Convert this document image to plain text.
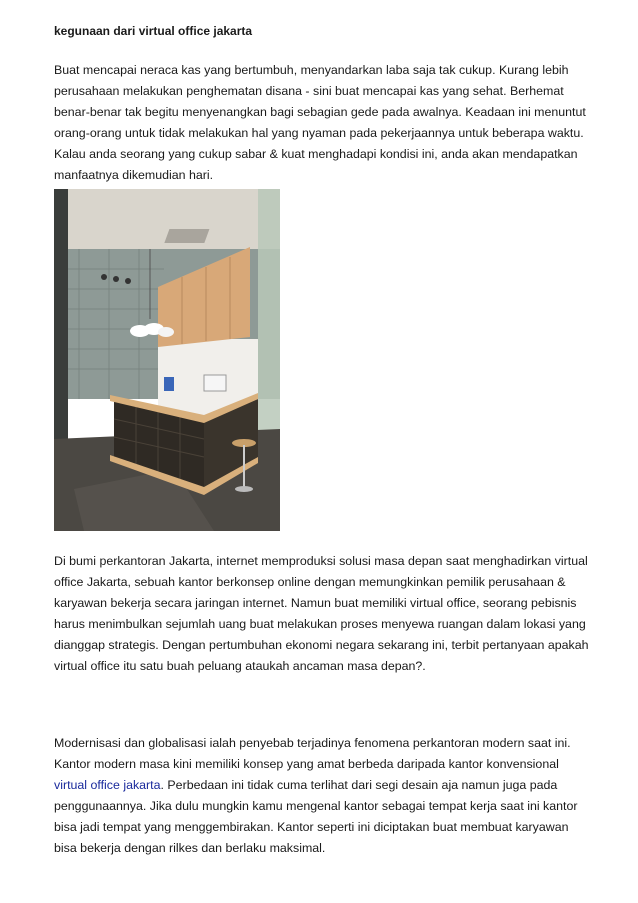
kegunaan dari virtual office jakarta

Buat mencapai neraca kas yang bertumbuh, menyandarkan laba saja tak cukup. Kurang lebih perusahaan melakukan penghematan disana - sini buat mencapai kas yang sehat. Berhemat benar-benar tak begitu menyenangkan bagi sebagian gede pada awalnya. Keadaan ini menuntut orang-orang untuk tidak melakukan hal yang nyaman pada pekerjaannya untuk beberapa waktu. Kalau anda seorang yang cukup sabar & kuat menghadapi kondisi ini, anda akan mendapatkan manfaatnya dikemudian hari.

Di bumi perkantoran Jakarta, internet memproduksi solusi masa depan saat menghadirkan virtual office Jakarta, sebuah kantor berkonsep online dengan memungkinkan pemilik perusahaan & karyawan bekerja secara jaringan internet. Namun buat memiliki virtual office, seorang pebisnis harus menimbulkan sejumlah uang buat melakukan proses menyewa ruangan dalam lokasi yang dianggap strategis. Dengan pertumbuhan ekonomi negara sekarang ini, terbit pertanyaan apakah virtual office itu satu buah peluang ataukah ancaman masa depan?.

Modernisasi dan globalisasi ialah penyebab terjadinya fenomena perkantoran modern saat ini. Kantor modern masa kini memiliki konsep yang amat berbeda daripada kantor konvensional virtual office jakarta. Perbedaan ini tidak cuma terlihat dari segi desain aja namun juga pada penggunaannya. Jika dulu mungkin kamu mengenal kantor sebagai tempat kerja saat ini kantor bisa jadi tempat yang menggembirakan. Kantor seperti ini diciptakan buat membuat karyawan bisa bekerja dengan rilkes dan berlaku maksimal.
